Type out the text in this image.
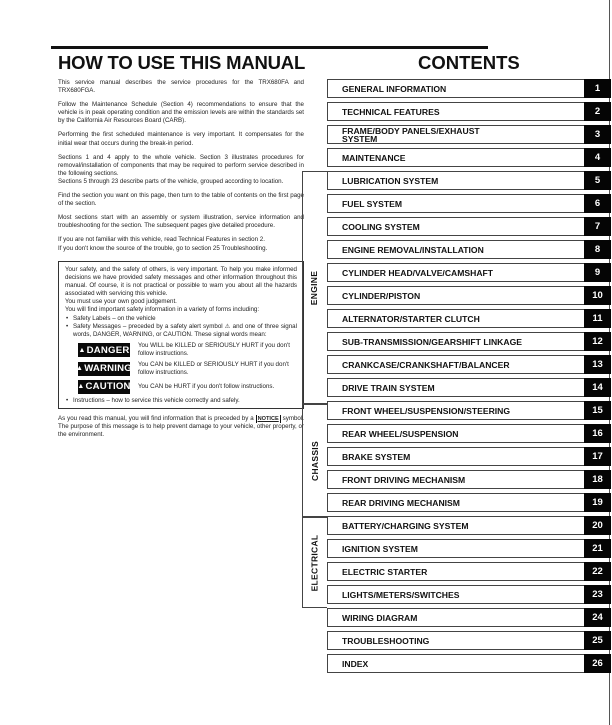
HOW TO USE THIS MANUAL

This service manual describes the service procedures for the TRX680FA and TRX680FGA.

Follow the Maintenance Schedule (Section 4) recommendations to ensure that the vehicle is in peak operating condition and the emission levels are within the standards set by the California Air Resources Board (CARB).

Performing the first scheduled maintenance is very important. It compensates for the initial wear that occurs during the break-in period.

Sections 1 and 4 apply to the whole vehicle. Section 3 illustrates procedures for removal/installation of components that may be required to perform service described in the following sections.

Sections 5 through 23 describe parts of the vehicle, grouped according to location.

Find the section you want on this page, then turn to the table of contents on the first page of the section.

Most sections start with an assembly or system illustration, service information and troubleshooting for the section. The subsequent pages give detailed procedure.

If you are not familiar with this vehicle, read Technical Features in section 2.

If you don't know the source of the trouble, go to section 25 Troubleshooting.

Your safety, and the safety of others, is very important. To help you make informed decisions we have provided safety messages and other information throughout this manual. Of course, it is not practical or possible to warn you about all the hazards associated with servicing this vehicle.

You must use your own good judgement.

You will find important safety information in a variety of forms including:

• Safety Labels – on the vehicle
• Safety Messages – preceded by a safety alert symbol ⚠ and one of three signal words, DANGER, WARNING, or CAUTION. These signal words mean:
▲ DANGER You WILL be KILLED or SERIOUSLY HURT if you don't follow instructions.
▲ WARNING You CAN be KILLED or SERIOUSLY HURT if you don't follow instructions.
▲ CAUTION You CAN be HURT if you don't follow instructions.
• Instructions – how to service this vehicle correctly and safely.

As you read this manual, you will find information that is preceded by a NOTICE symbol. The purpose of this message is to help prevent damage to your vehicle, other property, or the environment.

CONTENTS
ENGINE
CHASSIS
ELECTRICAL
GENERAL INFORMATION	1
TECHNICAL FEATURES	2
FRAME/BODY PANELS/EXHAUST
SYSTEM	3
MAINTENANCE	4
LUBRICATION SYSTEM	5
FUEL SYSTEM	6
COOLING SYSTEM	7
ENGINE REMOVAL/INSTALLATION	8
CYLINDER HEAD/VALVE/CAMSHAFT	9
CYLINDER/PISTON	10
ALTERNATOR/STARTER CLUTCH	11
SUB-TRANSMISSION/GEARSHIFT LINKAGE	12
CRANKCASE/CRANKSHAFT/BALANCER	13
DRIVE TRAIN SYSTEM	14
FRONT WHEEL/SUSPENSION/STEERING	15
REAR WHEEL/SUSPENSION	16
BRAKE SYSTEM	17
FRONT DRIVING MECHANISM	18
REAR DRIVING MECHANISM	19
BATTERY/CHARGING SYSTEM	20
IGNITION SYSTEM	21
ELECTRIC STARTER	22
LIGHTS/METERS/SWITCHES	23
WIRING DIAGRAM	24
TROUBLESHOOTING	25
INDEX	26
